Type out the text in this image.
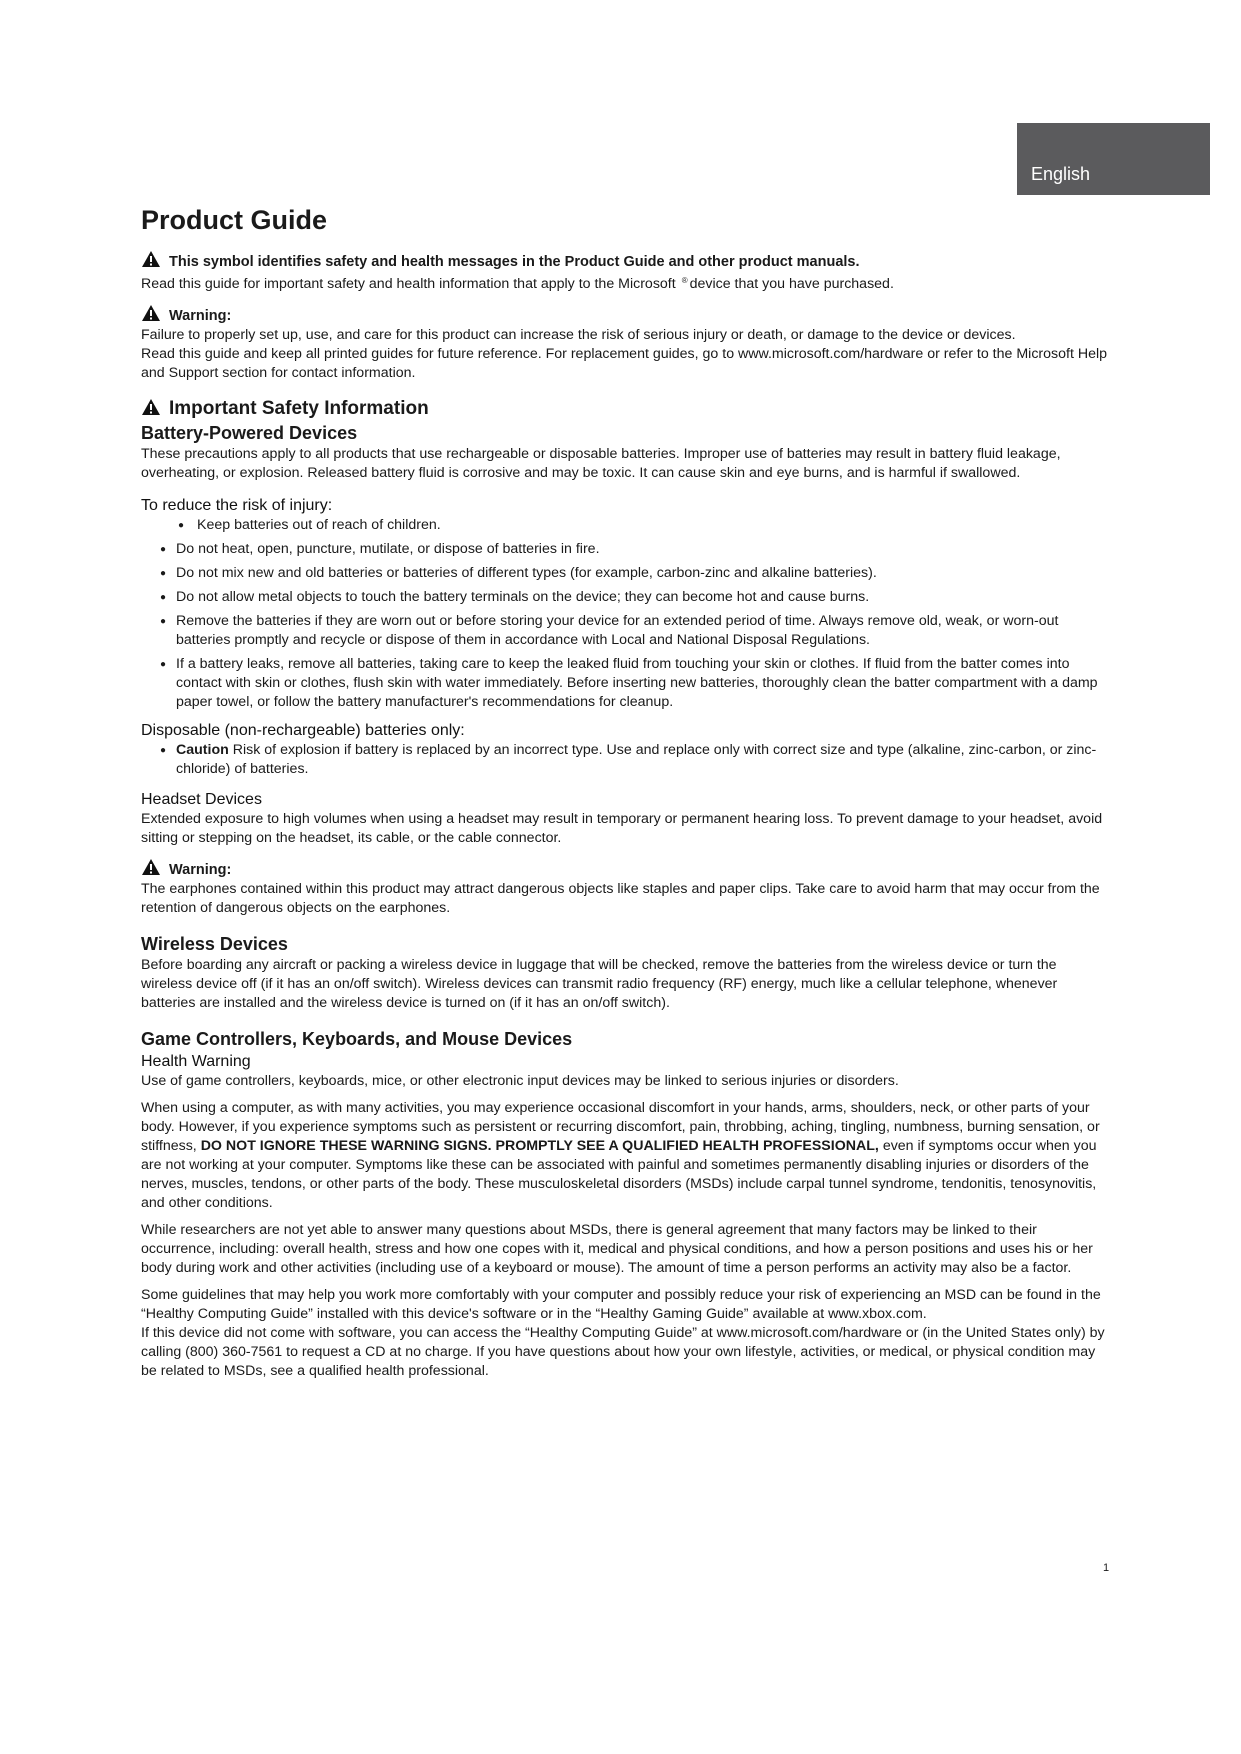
English
Product Guide

This symbol identifies safety and health messages in the Product Guide and other product manuals.

Read this guide for important safety and health information that apply to the Microsoft ® device that you have purchased.

Warning:

Failure to properly set up, use, and care for this product can increase the risk of serious injury or death, or damage to the device or devices.

Read this guide and keep all printed guides for future reference. For replacement guides, go to www.microsoft.com/hardware or refer to the Microsoft Help and Support section for contact information.

Important Safety Information
Battery-Powered Devices

These precautions apply to all products that use rechargeable or disposable batteries. Improper use of batteries may result in battery fluid leakage, overheating, or explosion. Released battery fluid is corrosive and may be toxic. It can cause skin and eye burns, and is harmful if swallowed.

To reduce the risk of injury:
● Keep batteries out of reach of children.
● Do not heat, open, puncture, mutilate, or dispose of batteries in fire.
● Do not mix new and old batteries or batteries of different types (for example, carbon-zinc and alkaline batteries).
● Do not allow metal objects to touch the battery terminals on the device; they can become hot and cause burns.
● Remove the batteries if they are worn out or before storing your device for an extended period of time. Always remove old, weak, or worn-out batteries promptly and recycle or dispose of them in accordance with Local and National Disposal Regulations.
● If a battery leaks, remove all batteries, taking care to keep the leaked fluid from touching your skin or clothes. If fluid from the batter comes into contact with skin or clothes, flush skin with water immediately. Before inserting new batteries, thoroughly clean the batter compartment with a damp paper towel, or follow the battery manufacturer's recommendations for cleanup.
Disposable (non-rechargeable) batteries only:
● Caution Risk of explosion if battery is replaced by an incorrect type. Use and replace only with correct size and type (alkaline, zinc-carbon, or zinc-chloride) of batteries.
Headset Devices

Extended exposure to high volumes when using a headset may result in temporary or permanent hearing loss. To prevent damage to your headset, avoid sitting or stepping on the headset, its cable, or the cable connector.

Warning:

The earphones contained within this product may attract dangerous objects like staples and paper clips. Take care to avoid harm that may occur from the retention of dangerous objects on the earphones.

Wireless Devices

Before boarding any aircraft or packing a wireless device in luggage that will be checked, remove the batteries from the wireless device or turn the wireless device off (if it has an on/off switch). Wireless devices can transmit radio frequency (RF) energy, much like a cellular telephone, whenever batteries are installed and the wireless device is turned on (if it has an on/off switch).

Game Controllers, Keyboards, and Mouse Devices
Health Warning

Use of game controllers, keyboards, mice, or other electronic input devices may be linked to serious injuries or disorders.

When using a computer, as with many activities, you may experience occasional discomfort in your hands, arms, shoulders, neck, or other parts of your body. However, if you experience symptoms such as persistent or recurring discomfort, pain, throbbing, aching, tingling, numbness, burning sensation, or stiffness, DO NOT IGNORE THESE WARNING SIGNS. PROMPTLY SEE A QUALIFIED HEALTH PROFESSIONAL, even if symptoms occur when you are not working at your computer. Symptoms like these can be associated with painful and sometimes permanently disabling injuries or disorders of the nerves, muscles, tendons, or other parts of the body. These musculoskeletal disorders (MSDs) include carpal tunnel syndrome, tendonitis, tenosynovitis, and other conditions.

While researchers are not yet able to answer many questions about MSDs, there is general agreement that many factors may be linked to their occurrence, including: overall health, stress and how one copes with it, medical and physical conditions, and how a person positions and uses his or her body during work and other activities (including use of a keyboard or mouse). The amount of time a person performs an activity may also be a factor.

Some guidelines that may help you work more comfortably with your computer and possibly reduce your risk of experiencing an MSD can be found in the “Healthy Computing Guide” installed with this device's software or in the “Healthy Gaming Guide” available at www.xbox.com.

If this device did not come with software, you can access the “Healthy Computing Guide” at www.microsoft.com/hardware or (in the United States only) by calling (800) 360-7561 to request a CD at no charge. If you have questions about how your own lifestyle, activities, or medical, or physical condition may be related to MSDs, see a qualified health professional.

1
